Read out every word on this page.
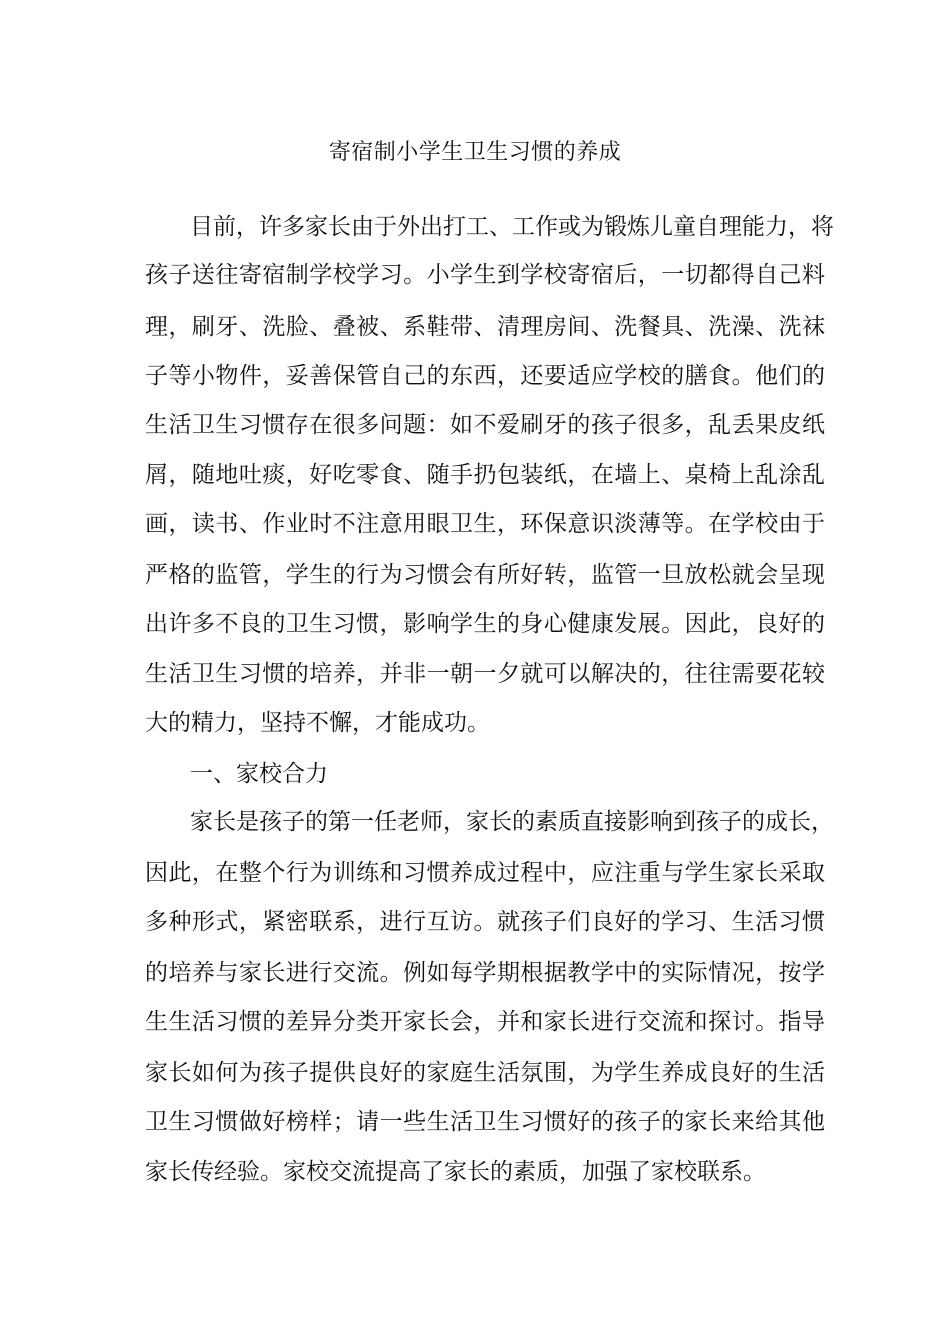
寄宿制小学生卫生习惯的养成
目前，许多家长由于外出打工、工作或为锻炼儿童自理能力，将
孩子送往寄宿制学校学习。小学生到学校寄宿后，一切都得自己料
理，刷牙、洗脸、叠被、系鞋带、清理房间、洗餐具、洗澡、洗袜
子等小物件，妥善保管自己的东西，还要适应学校的膳食。他们的
生活卫生习惯存在很多问题：如不爱刷牙的孩子很多，乱丢果皮纸
屑，随地吐痰，好吃零食、随手扔包装纸，在墙上、桌椅上乱涂乱
画，读书、作业时不注意用眼卫生，环保意识淡薄等。在学校由于
严格的监管，学生的行为习惯会有所好转，监管一旦放松就会呈现
出许多不良的卫生习惯，影响学生的身心健康发展。因此，良好的
生活卫生习惯的培养，并非一朝一夕就可以解决的，往往需要花较
大的精力，坚持不懈，才能成功。
一、家校合力
家长是孩子的第一任老师，家长的素质直接影响到孩子的成长，
因此，在整个行为训练和习惯养成过程中，应注重与学生家长采取
多种形式，紧密联系，进行互访。就孩子们良好的学习、生活习惯
的培养与家长进行交流。例如每学期根据教学中的实际情况，按学
生生活习惯的差异分类开家长会，并和家长进行交流和探讨。指导
家长如何为孩子提供良好的家庭生活氛围，为学生养成良好的生活
卫生习惯做好榜样；请一些生活卫生习惯好的孩子的家长来给其他
家长传经验。家校交流提高了家长的素质，加强了家校联系。
